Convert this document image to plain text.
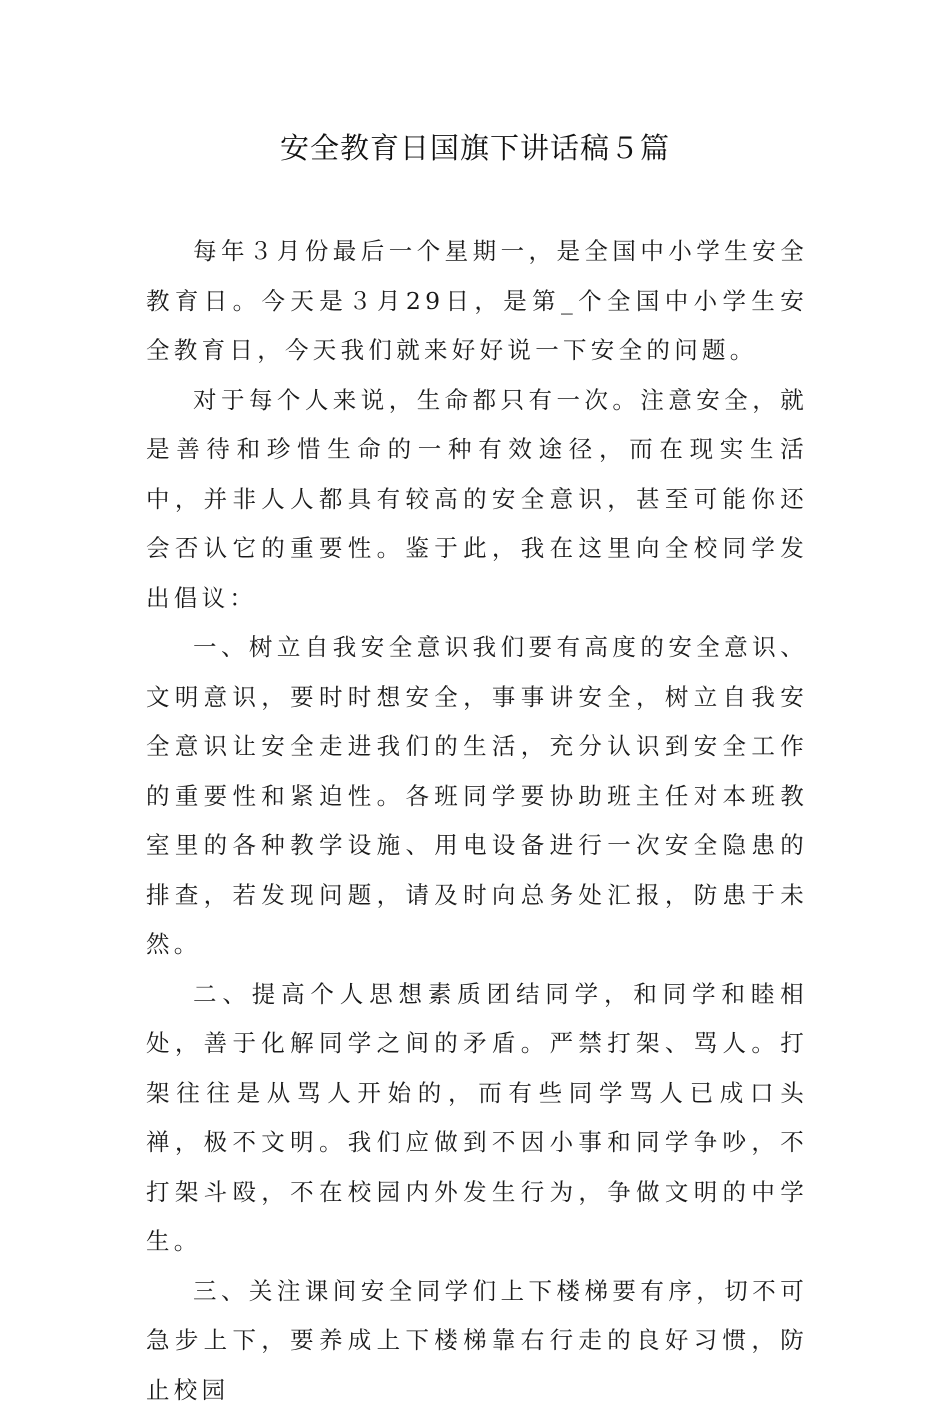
安全教育日国旗下讲话稿５篇

每年３月份最后一个星期一，是全国中小学生安全教育日。今天是３月29日，是第_个全国中小学生安全教育日，今天我们就来好好说一下安全的问题。

对于每个人来说，生命都只有一次。注意安全，就是善待和珍惜生命的一种有效途径，而在现实生活中，并非人人都具有较高的安全意识，甚至可能你还会否认它的重要性。鉴于此，我在这里向全校同学发出倡议：

一、树立自我安全意识我们要有高度的安全意识、文明意识，要时时想安全，事事讲安全，树立自我安全意识让安全走进我们的生活，充分认识到安全工作的重要性和紧迫性。各班同学要协助班主任对本班教室里的各种教学设施、用电设备进行一次安全隐患的排查，若发现问题，请及时向总务处汇报，防患于未然。

二、提高个人思想素质团结同学，和同学和睦相处，善于化解同学之间的矛盾。严禁打架、骂人。打架往往是从骂人开始的，而有些同学骂人已成口头禅，极不文明。我们应做到不因小事和同学争吵，不打架斗殴，不在校园内外发生行为，争做文明的中学生。

三、关注课间安全同学们上下楼梯要有序，切不可急步上下，要养成上下楼梯靠右行走的良好习惯，防止校园
